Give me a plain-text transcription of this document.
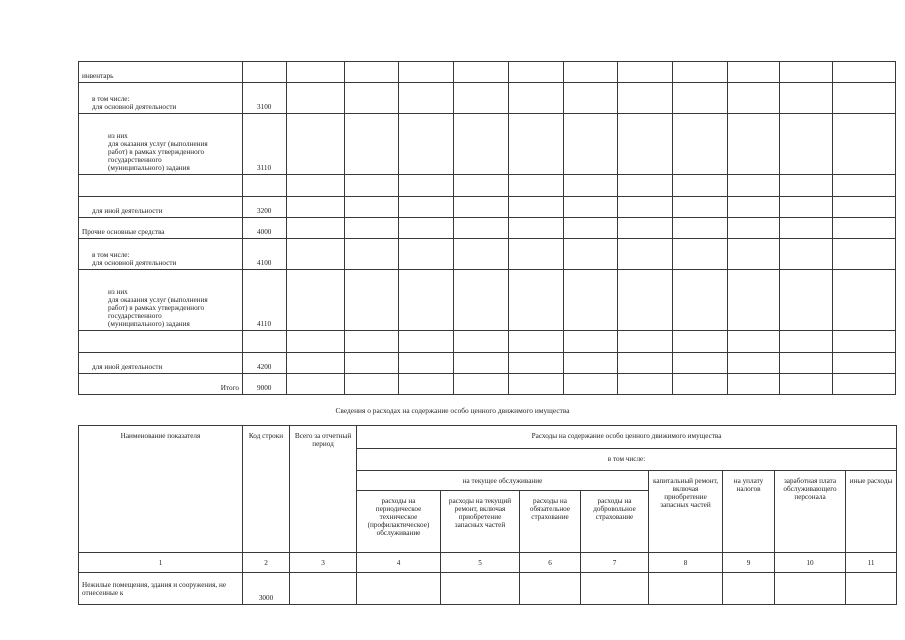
инвентарь												
в том числе:
для основной деятельности	3100											
из них
для оказания услуг (выполнения
работ) в рамках утвержденного
государственного
(муниципального) задания	3110											

для иной деятельности	3200											
Прочие основные средства	4000											
в том числе:
для основной деятельности	4100											
из них
для оказания услуг (выполнения
работ) в рамках утвержденного
государственного
(муниципального) задания	4110											

для иной деятельности	4200											
Итого	9000											
Сведения о расходах на содержание особо ценного движимого имущества
Наименование показателя	Код строки	Всего за отчетный период	Расходы на содержание особо ценного движимого имущества							
			в том числе:							
			на текущее обслуживание				капитальный ремонт, включая приобретение запасных частей	на уплату налогов	заработная плата обслуживающего персонала	иные расходы
			расходы на периодическое техническое (профилактическое) обслуживание	расходы на текущий ремонт, включая приобретение запасных частей	расходы на обязательное страхование	расходы на добровольное страхование				
1	2	3	4	5	6	7	8	9	10	11
Нежилые помещения, здания и сооружения, не отнесенные к	3000									
